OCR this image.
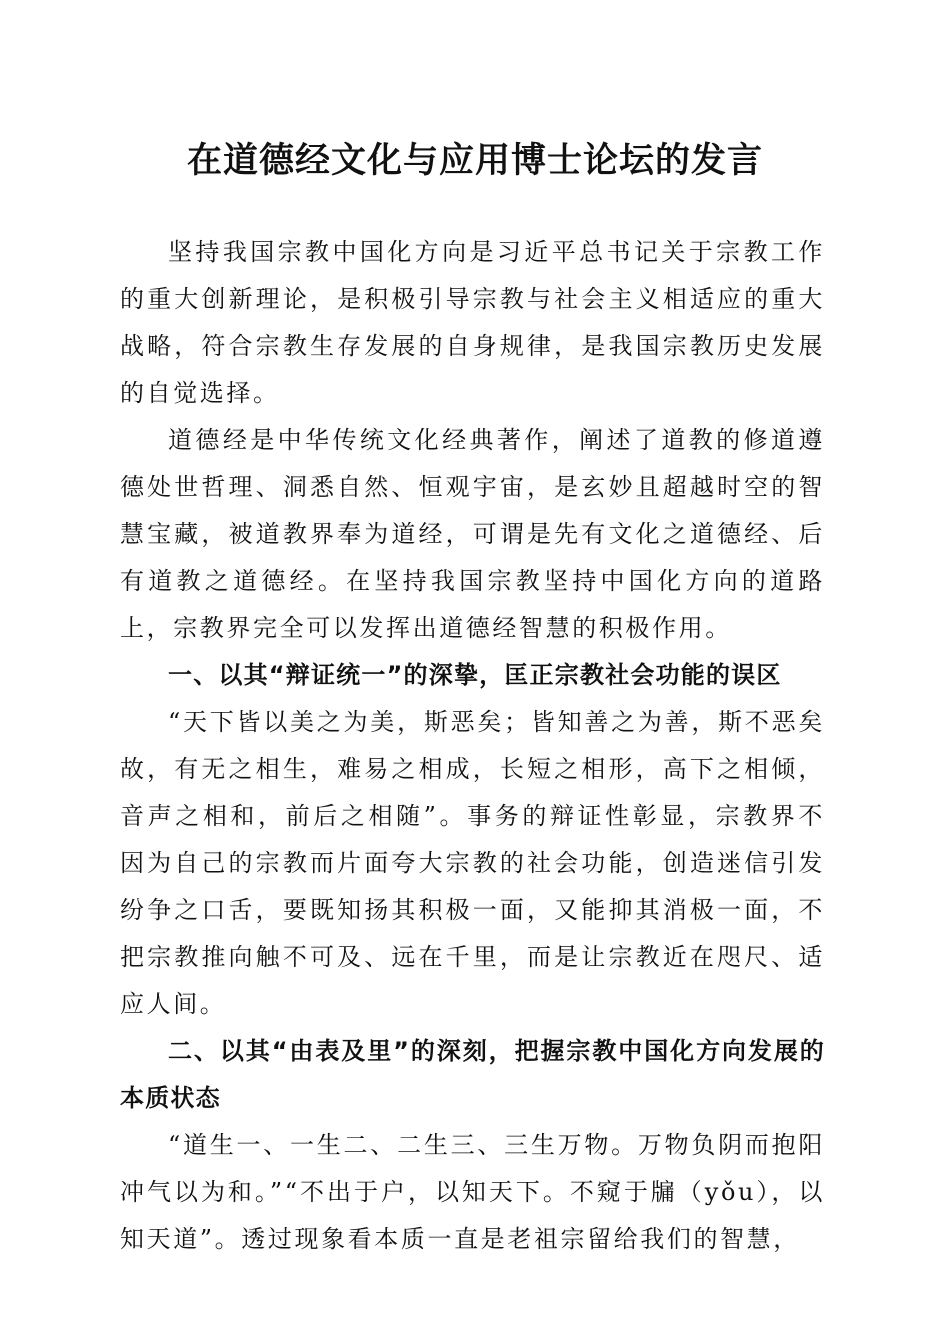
在道德经文化与应用博士论坛的发言

坚持我国宗教中国化方向是习近平总书记关于宗教工作的重大创新理论，是积极引导宗教与社会主义相适应的重大战略，符合宗教生存发展的自身规律，是我国宗教历史发展的自觉选择。

道德经是中华传统文化经典著作，阐述了道教的修道遵德处世哲理、洞悉自然、恒观宇宙，是玄妙且超越时空的智慧宝藏，被道教界奉为道经，可谓是先有文化之道德经、后有道教之道德经。在坚持我国宗教坚持中国化方向的道路上，宗教界完全可以发挥出道德经智慧的积极作用。

一、以其“辩证统一”的深挚，匡正宗教社会功能的误区

“天下皆以美之为美，斯恶矣；皆知善之为善，斯不恶矣故，有无之相生，难易之相成，长短之相形，高下之相倾，音声之相和，前后之相随”。事务的辩证性彰显，宗教界不因为自己的宗教而片面夸大宗教的社会功能，创造迷信引发纷争之口舌，要既知扬其积极一面，又能抑其消极一面，不把宗教推向触不可及、远在千里，而是让宗教近在咫尺、适应人间。

二、以其“由表及里”的深刻，把握宗教中国化方向发展的本质状态

“道生一、一生二、二生三、三生万物。万物负阴而抱阳冲气以为和。”“不出于户，以知天下。不窥于牖（yǒu），以知天道”。透过现象看本质一直是老祖宗留给我们的智慧，
